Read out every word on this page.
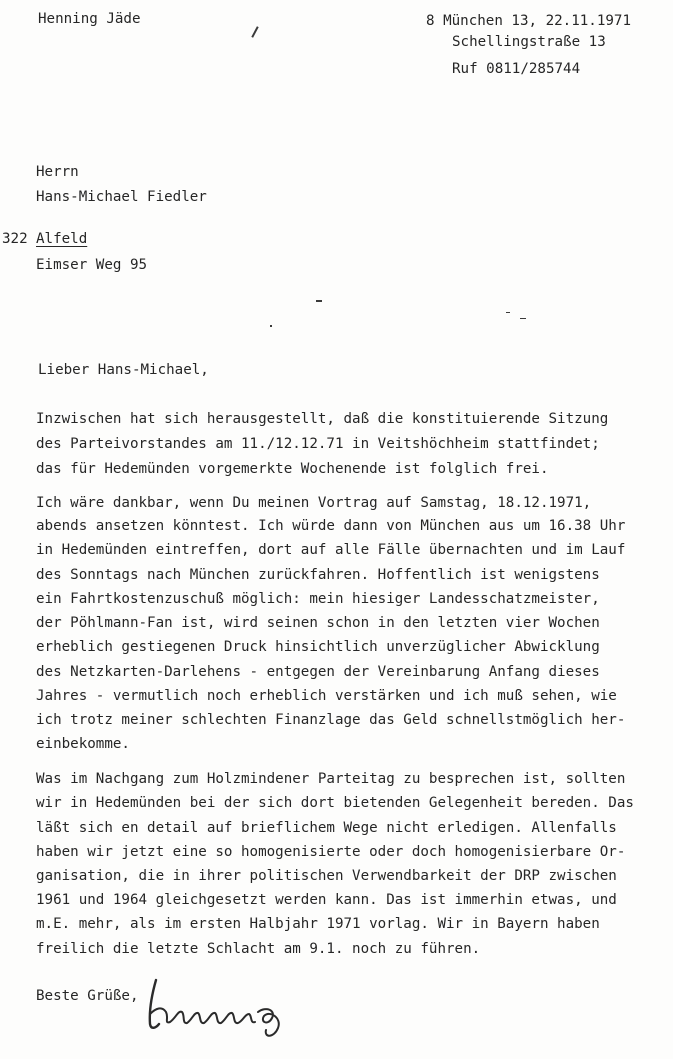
Henning Jäde	8 München 13, 22.11.1971
Schellingstraße 13
Ruf 0811/285744
Herrn
Hans-Michael Fiedler
322 Alfeld
Eimser Weg 95
Lieber Hans-Michael,
Inzwischen hat sich herausgestellt, daß die konstituierende Sitzung
des Parteivorstandes am 11./12.12.71 in Veitshöchheim stattfindet;
das für Hedemünden vorgemerkte Wochenende ist folglich frei.
Ich wäre dankbar, wenn Du meinen Vortrag auf Samstag, 18.12.1971,
abends ansetzen könntest. Ich würde dann von München aus um 16.38 Uhr
in Hedemünden eintreffen, dort auf alle Fälle übernachten und im Lauf
des Sonntags nach München zurückfahren. Hoffentlich ist wenigstens
ein Fahrtkostenzuschuß möglich: mein hiesiger Landesschatzmeister,
der Pöhlmann-Fan ist, wird seinen schon in den letzten vier Wochen
erheblich gestiegenen Druck hinsichtlich unverzüglicher Abwicklung
des Netzkarten-Darlehens - entgegen der Vereinbarung Anfang dieses
Jahres - vermutlich noch erheblich verstärken und ich muß sehen, wie
ich trotz meiner schlechten Finanzlage das Geld schnellstmöglich her-
einbekomme.
Was im Nachgang zum Holzmindener Parteitag zu besprechen ist, sollten
wir in Hedemünden bei der sich dort bietenden Gelegenheit bereden. Das
läßt sich en detail auf brieflichem Wege nicht erledigen. Allenfalls
haben wir jetzt eine so homogenisierte oder doch homogenisierbare Or-
ganisation, die in ihrer politischen Verwendbarkeit der DRP zwischen
1961 und 1964 gleichgesetzt werden kann. Das ist immerhin etwas, und
m.E. mehr, als im ersten Halbjahr 1971 vorlag. Wir in Bayern haben
freilich die letzte Schlacht am 9.1. noch zu führen.
Beste Grüße,
